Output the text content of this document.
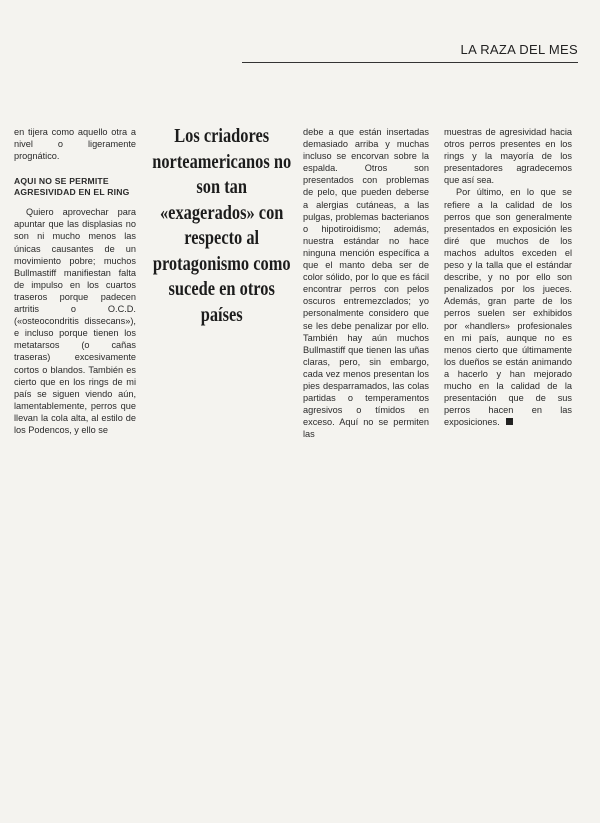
LA RAZA DEL MES

en tijera como aquello otra a nivel o ligeramente prognático.

AQUI NO SE PERMITE AGRESIVIDAD EN EL RING

Quiero aprovechar para apuntar que las displasias no son ni mucho menos las únicas causantes de un movimiento pobre; muchos Bullmastiff manifiestan falta de impulso en los cuartos traseros porque padecen artritis o O.C.D. («osteocondritis dissecans»), e incluso porque tienen los metatarsos (o cañas traseras) excesivamente cortos o blandos. También es cierto que en los rings de mi país se siguen viendo aún, lamentablemente, perros que llevan la cola alta, al estilo de los Podencos, y ello se

Los criadores norteamericanos no son tan «exagerados» con respecto al protagonismo como sucede en otros países

debe a que están insertadas demasiado arriba y muchas incluso se encorvan sobre la espalda. Otros son presentados con problemas de pelo, que pueden deberse a alergias cutáneas, a las pulgas, problemas bacterianos o hipotiroidismo; además, nuestra estándar no hace ninguna mención específica a que el manto deba ser de color sólido, por lo que es fácil encontrar perros con pelos oscuros entremezclados; yo personalmente considero que se les debe penalizar por ello. También hay aún muchos Bullmastiff que tienen las uñas claras, pero, sin embargo, cada vez menos presentan los pies desparramados, las colas partidas o temperamentos agresivos o tímidos en exceso. Aquí no se permiten las

muestras de agresividad hacia otros perros presentes en los rings y la mayoría de los presentadores agradecemos que así sea.

Por último, en lo que se refiere a la calidad de los perros que son generalmente presentados en exposición les diré que muchos de los machos adultos exceden el peso y la talla que el estándar describe, y no por ello son penalizados por los jueces. Además, gran parte de los perros suelen ser exhibidos por «handlers» profesionales en mi país, aunque no es menos cierto que últimamente los dueños se están animando a hacerlo y han mejorado mucho en la calidad de la presentación que de sus perros hacen en las exposiciones.
